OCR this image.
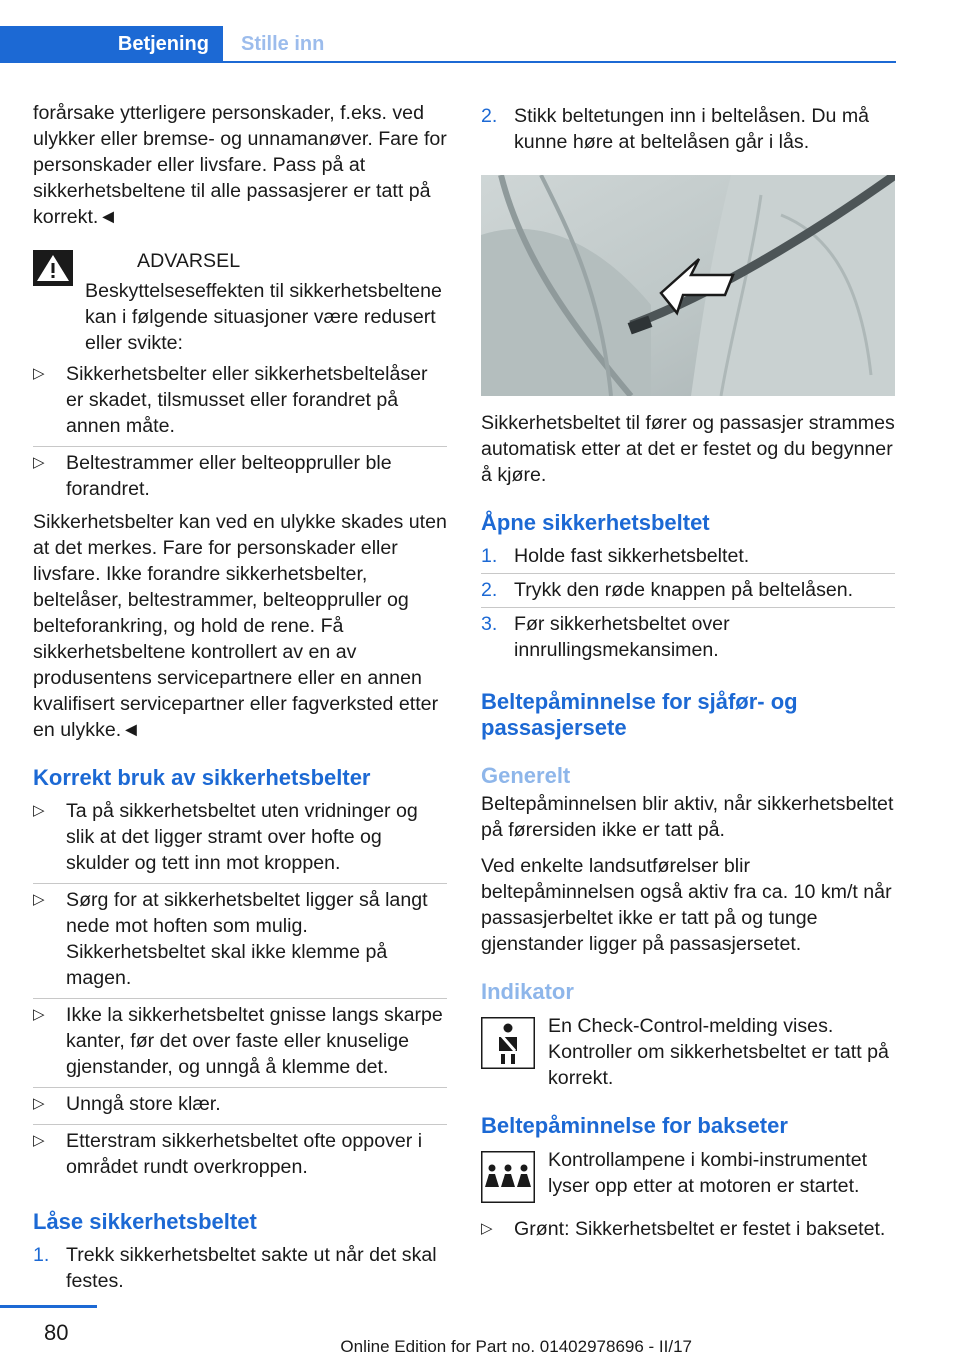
Betjening	Stille inn

forårsake ytterligere personskader, f.eks. ved ulykker eller bremse- og unnamanøver. Fare for personskader eller livsfare. Pass på at sikkerhetsbeltene til alle passasjerer er tatt på korrekt.◄

ADVARSEL

Beskyttelseseffekten til sikkerhetsbeltene kan i følgende situasjoner være redusert eller svikte:

▷ Sikkerhetsbelter eller sikkerhetsbeltelåser er skadet, tilsmusset eller forandret på annen måte.
▷ Beltestrammer eller belteoppruller ble forandret.

Sikkerhetsbelter kan ved en ulykke skades uten at det merkes. Fare for personskader eller livsfare. Ikke forandre sikkerhetsbelter, beltelåser, beltestrammer, belteoppruller og belteforankring, og hold de rene. Få sikkerhetsbeltene kontrollert av en av produsentens servicepartnere eller en annen kvalifisert servicepartner eller fagverksted etter en ulykke.◄

Korrekt bruk av sikkerhetsbelter
▷ Ta på sikkerhetsbeltet uten vridninger og slik at det ligger stramt over hofte og skulder og tett inn mot kroppen.
▷ Sørg for at sikkerhetsbeltet ligger så langt nede mot hoften som mulig. Sikkerhetsbeltet skal ikke klemme på magen.
▷ Ikke la sikkerhetsbeltet gnisse langs skarpe kanter, før det over faste eller knuselige gjenstander, og unngå å klemme det.
▷ Unngå store klær.
▷ Etterstram sikkerhetsbeltet ofte oppover i området rundt overkroppen.
Låse sikkerhetsbeltet
1. Trekk sikkerhetsbeltet sakte ut når det skal festes.
2. Stikk beltetungen inn i beltelåsen. Du må kunne høre at beltelåsen går i lås.

Sikkerhetsbeltet til fører og passasjer strammes automatisk etter at det er festet og du begynner å kjøre.

Åpne sikkerhetsbeltet
1. Holde fast sikkerhetsbeltet.
2. Trykk den røde knappen på beltelåsen.
3. Før sikkerhetsbeltet over innrullingsmekansimen.
Beltepåminnelse for sjåfør- og passasjersete
Generelt

Beltepåminnelsen blir aktiv, når sikkerhetsbeltet på førersiden ikke er tatt på.

Ved enkelte landsutførelser blir beltepåminnelsen også aktiv fra ca. 10 km/t når passasjerbeltet ikke er tatt på og tunge gjenstander ligger på passasjersetet.

Indikator

En Check-Control-melding vises. Kontroller om sikkerhetsbeltet er tatt på korrekt.

Beltepåminnelse for bakseter

Kontrollampene i kombi-instrumentet lyser opp etter at motoren er startet.

▷ Grønt: Sikkerhetsbeltet er festet i baksetet.
80
Online Edition for Part no. 01402978696 - II/17
